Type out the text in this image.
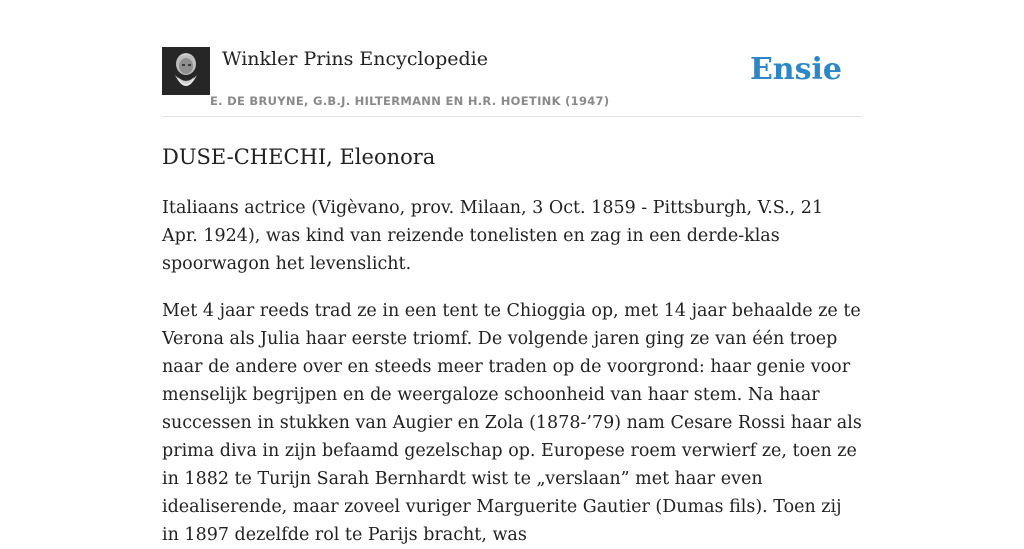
Winkler Prins Encyclopedie
E. DE BRUYNE, G.B.J. HILTERMANN EN H.R. HOETINK (1947)
Ensie
DUSE-CHECHI, Eleonora

Italiaans actrice (Vigèvano, prov. Milaan, 3 Oct. 1859 - Pittsburgh, V.S., 21 Apr. 1924), was kind van reizende tonelisten en zag in een derde-klas spoorwagon het levenslicht.

Met 4 jaar reeds trad ze in een tent te Chioggia op, met 14 jaar behaalde ze te Verona als Julia haar eerste triomf. De volgende jaren ging ze van één troep naar de andere over en steeds meer traden op de voorgrond: haar genie voor menselijk begrijpen en de weergaloze schoonheid van haar stem. Na haar successen in stukken van Augier en Zola (1878-’79) nam Cesare Rossi haar als prima diva in zijn befaamd gezelschap op. Europese roem verwierf ze, toen ze in 1882 te Turijn Sarah Bernhardt wist te „verslaan” met haar even idealiserende, maar zoveel vuriger Marguerite Gautier (Dumas fils). Toen zij in 1897 dezelfde rol te Parijs bracht, was
